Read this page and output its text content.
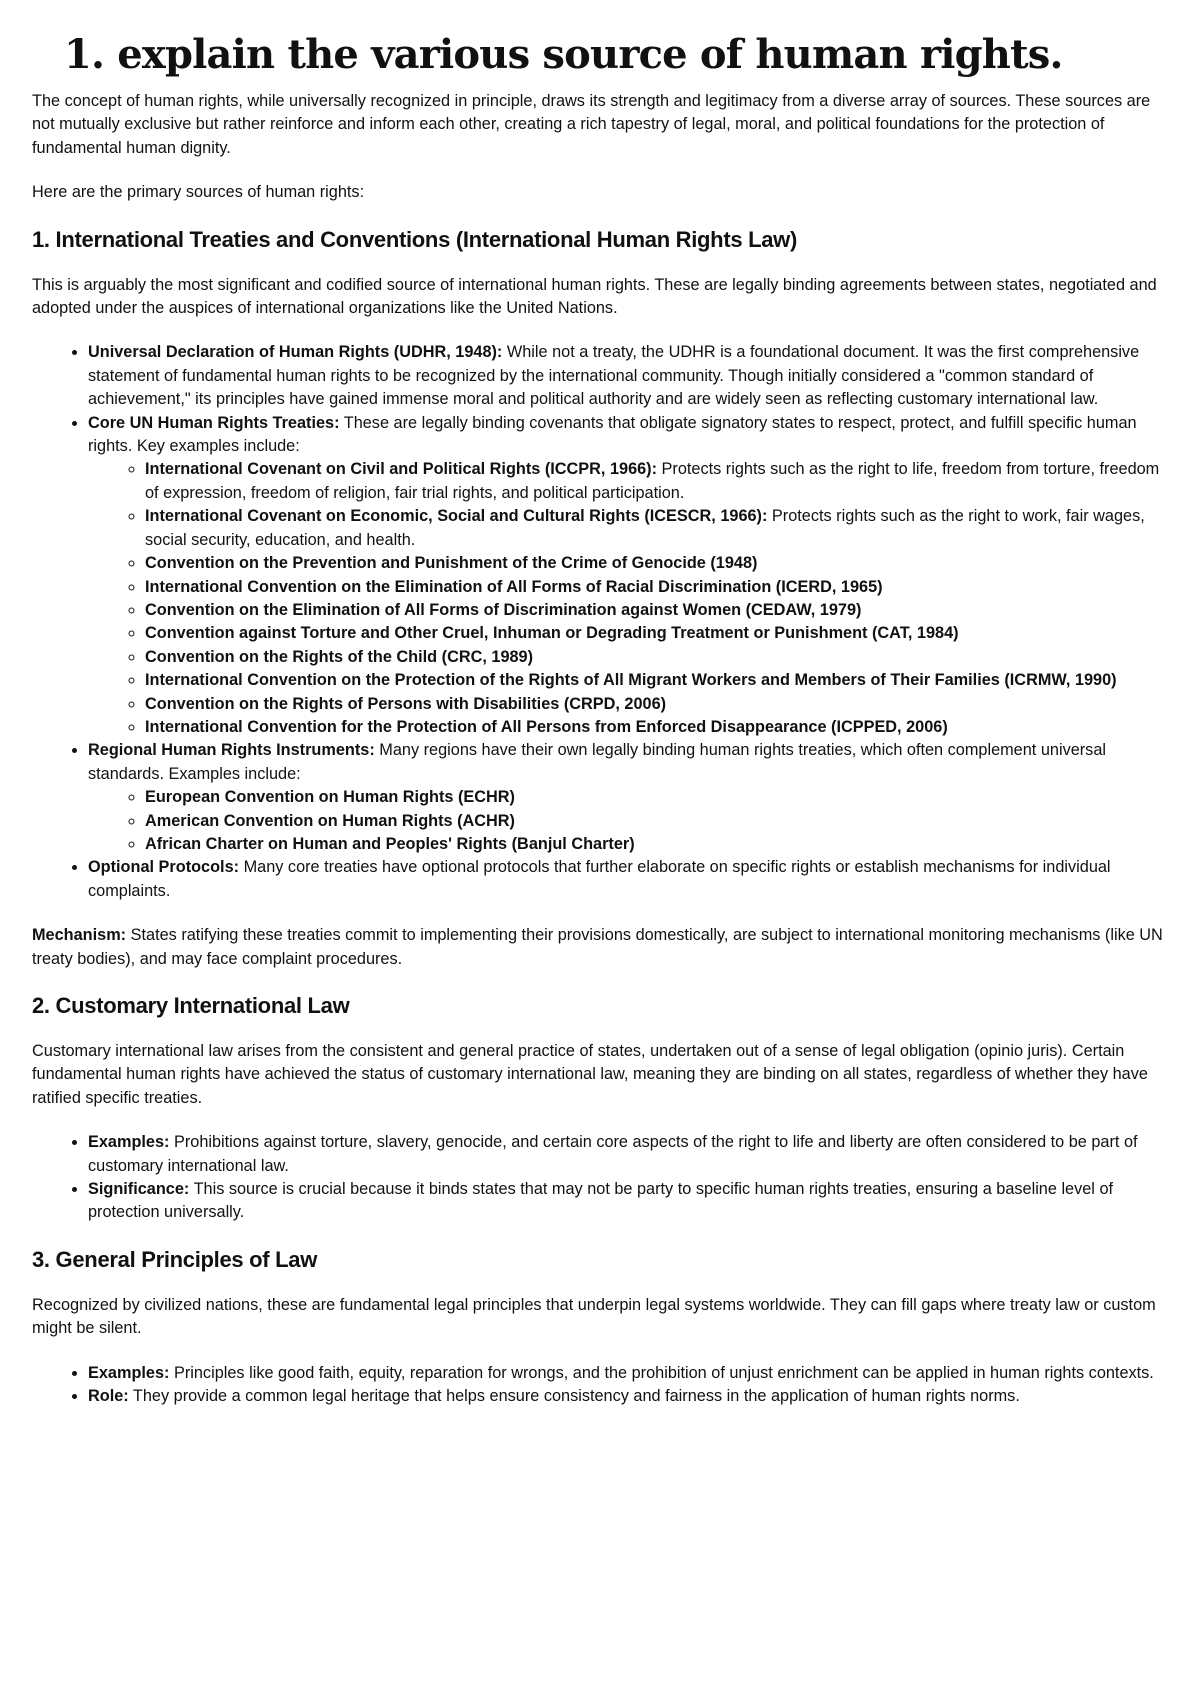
1. explain the various source of human rights.

The concept of human rights, while universally recognized in principle, draws its strength and legitimacy from a diverse array of sources. These sources are not mutually exclusive but rather reinforce and inform each other, creating a rich tapestry of legal, moral, and political foundations for the protection of fundamental human dignity.

Here are the primary sources of human rights:

1. International Treaties and Conventions (International Human Rights Law)

This is arguably the most significant and codified source of international human rights. These are legally binding agreements between states, negotiated and adopted under the auspices of international organizations like the United Nations.

• Universal Declaration of Human Rights (UDHR, 1948): While not a treaty, the UDHR is a foundational document. It was the first comprehensive statement of fundamental human rights to be recognized by the international community. Though initially considered a "common standard of achievement," its principles have gained immense moral and political authority and are widely seen as reflecting customary international law.
• Core UN Human Rights Treaties: These are legally binding covenants that obligate signatory states to respect, protect, and fulfill specific human rights. Key examples include:
◦ International Covenant on Civil and Political Rights (ICCPR, 1966): Protects rights such as the right to life, freedom from torture, freedom of expression, freedom of religion, fair trial rights, and political participation.
◦ International Covenant on Economic, Social and Cultural Rights (ICESCR, 1966): Protects rights such as the right to work, fair wages, social security, education, and health.
◦ Convention on the Prevention and Punishment of the Crime of Genocide (1948)
◦ International Convention on the Elimination of All Forms of Racial Discrimination (ICERD, 1965)
◦ Convention on the Elimination of All Forms of Discrimination against Women (CEDAW, 1979)
◦ Convention against Torture and Other Cruel, Inhuman or Degrading Treatment or Punishment (CAT, 1984)
◦ Convention on the Rights of the Child (CRC, 1989)
◦ International Convention on the Protection of the Rights of All Migrant Workers and Members of Their Families (ICRMW, 1990)
◦ Convention on the Rights of Persons with Disabilities (CRPD, 2006)
◦ International Convention for the Protection of All Persons from Enforced Disappearance (ICPPED, 2006)
• Regional Human Rights Instruments: Many regions have their own legally binding human rights treaties, which often complement universal standards. Examples include:
◦ European Convention on Human Rights (ECHR)
◦ American Convention on Human Rights (ACHR)
◦ African Charter on Human and Peoples' Rights (Banjul Charter)
• Optional Protocols: Many core treaties have optional protocols that further elaborate on specific rights or establish mechanisms for individual complaints.

Mechanism: States ratifying these treaties commit to implementing their provisions domestically, are subject to international monitoring mechanisms (like UN treaty bodies), and may face complaint procedures.

2. Customary International Law

Customary international law arises from the consistent and general practice of states, undertaken out of a sense of legal obligation (opinio juris). Certain fundamental human rights have achieved the status of customary international law, meaning they are binding on all states, regardless of whether they have ratified specific treaties.

• Examples: Prohibitions against torture, slavery, genocide, and certain core aspects of the right to life and liberty are often considered to be part of customary international law.
• Significance: This source is crucial because it binds states that may not be party to specific human rights treaties, ensuring a baseline level of protection universally.
3. General Principles of Law

Recognized by civilized nations, these are fundamental legal principles that underpin legal systems worldwide. They can fill gaps where treaty law or custom might be silent.

• Examples: Principles like good faith, equity, reparation for wrongs, and the prohibition of unjust enrichment can be applied in human rights contexts.
• Role: They provide a common legal heritage that helps ensure consistency and fairness in the application of human rights norms.
